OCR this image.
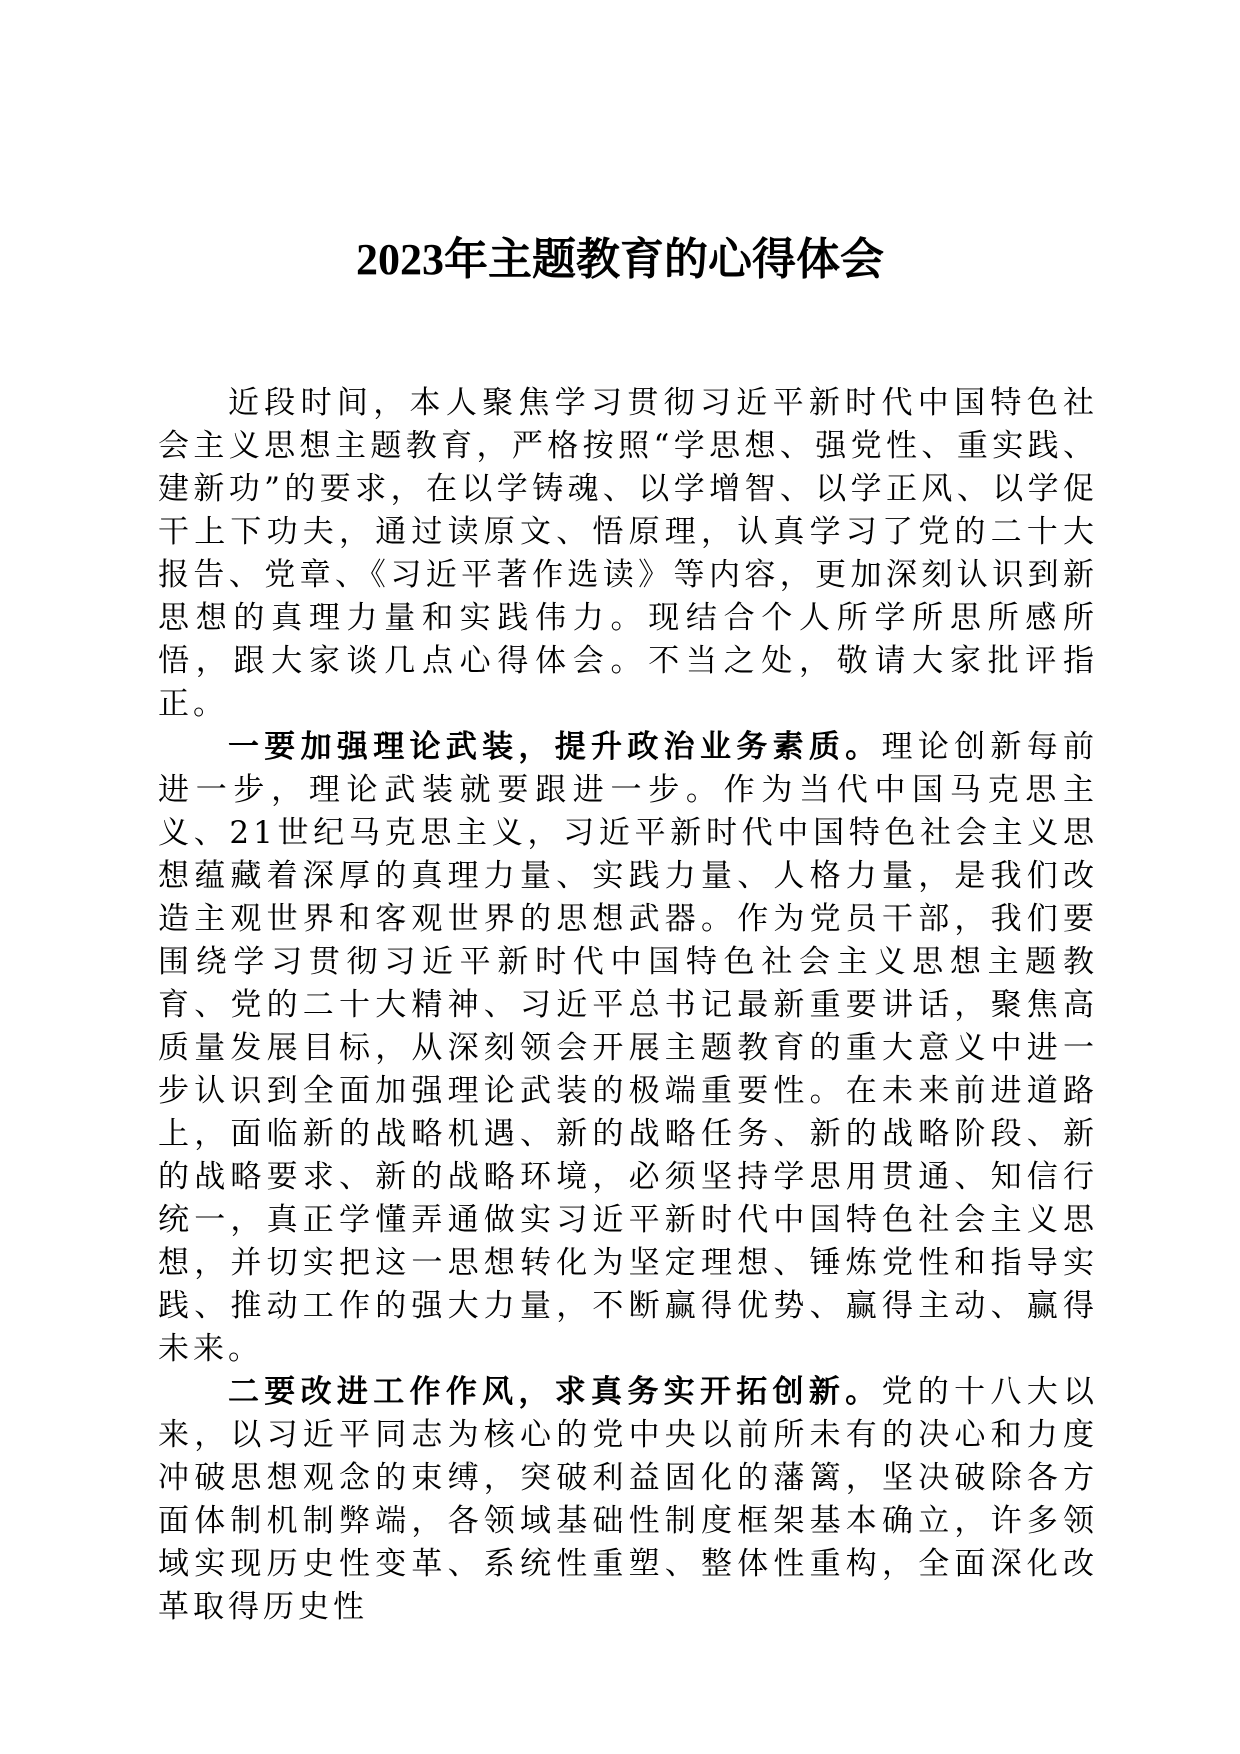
2023年主题教育的心得体会

近段时间，本人聚焦学习贯彻习近平新时代中国特色社会主义思想主题教育，严格按照“学思想、强党性、重实践、建新功”的要求，在以学铸魂、以学增智、以学正风、以学促干上下功夫，通过读原文、悟原理，认真学习了党的二十大报告、党章、《习近平著作选读》等内容，更加深刻认识到新思想的真理力量和实践伟力。现结合个人所学所思所感所悟，跟大家谈几点心得体会。不当之处，敬请大家批评指正。

一要加强理论武装，提升政治业务素质。理论创新每前进一步，理论武装就要跟进一步。作为当代中国马克思主义、21世纪马克思主义，习近平新时代中国特色社会主义思想蕴藏着深厚的真理力量、实践力量、人格力量，是我们改造主观世界和客观世界的思想武器。作为党员干部，我们要围绕学习贯彻习近平新时代中国特色社会主义思想主题教育、党的二十大精神、习近平总书记最新重要讲话，聚焦高质量发展目标，从深刻领会开展主题教育的重大意义中进一步认识到全面加强理论武装的极端重要性。在未来前进道路上，面临新的战略机遇、新的战略任务、新的战略阶段、新的战略要求、新的战略环境，必须坚持学思用贯通、知信行统一，真正学懂弄通做实习近平新时代中国特色社会主义思想，并切实把这一思想转化为坚定理想、锤炼党性和指导实践、推动工作的强大力量，不断赢得优势、赢得主动、赢得未来。

二要改进工作作风，求真务实开拓创新。党的十八大以来，以习近平同志为核心的党中央以前所未有的决心和力度冲破思想观念的束缚，突破利益固化的藩篱，坚决破除各方面体制机制弊端，各领域基础性制度框架基本确立，许多领域实现历史性变革、系统性重塑、整体性重构，全面深化改革取得历史性
